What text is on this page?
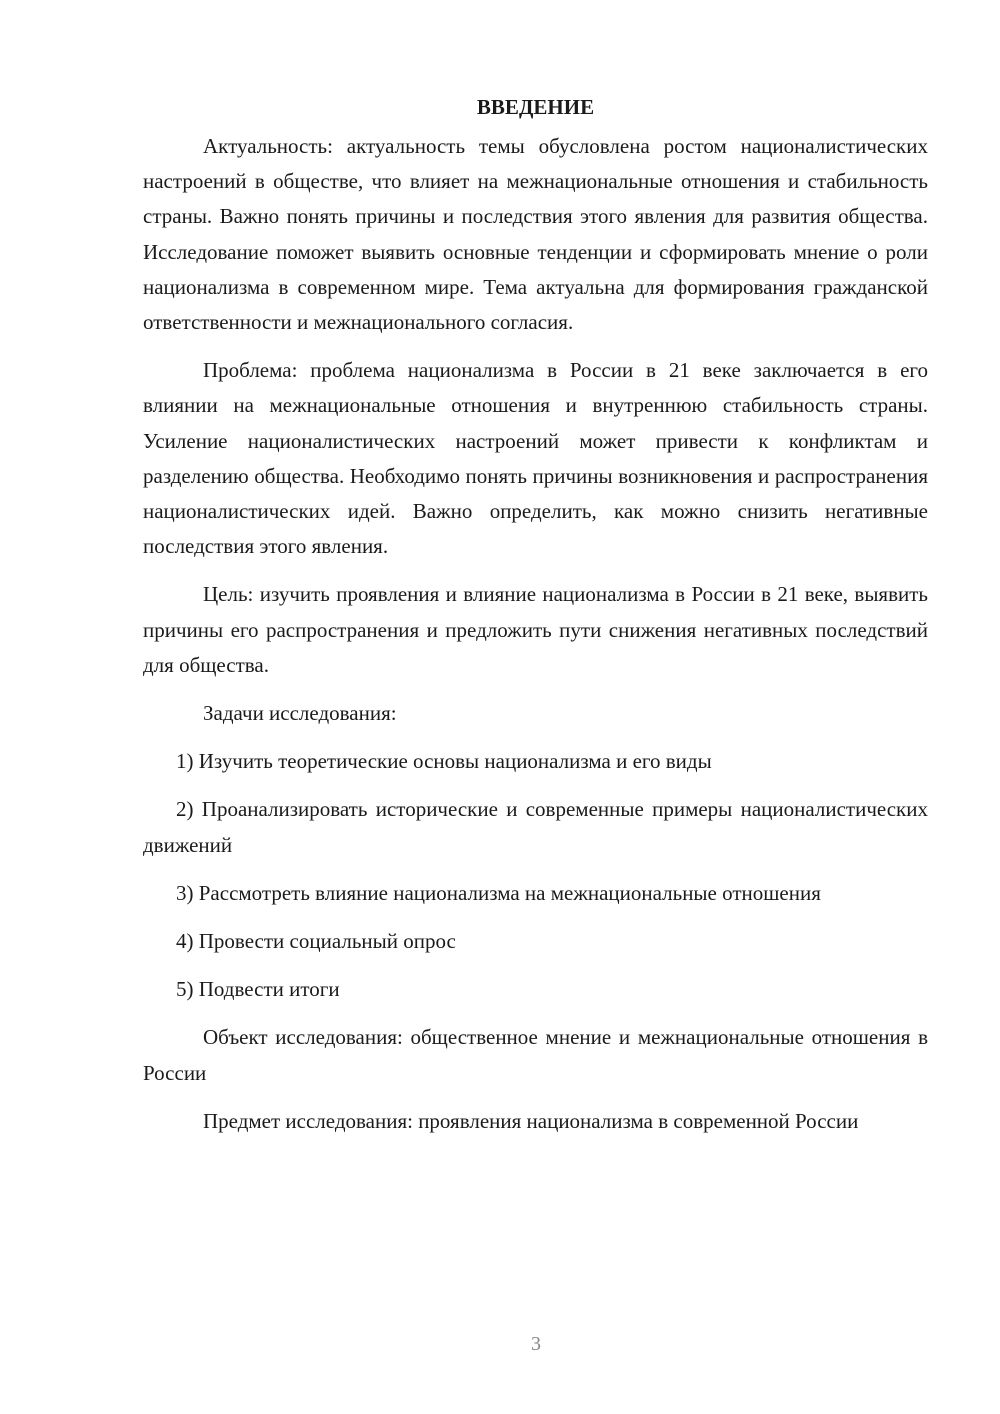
ВВЕДЕНИЕ

Актуальность: актуальность темы обусловлена ростом националистических настроений в обществе, что влияет на межнациональные отношения и стабильность страны. Важно понять причины и последствия этого явления для развития общества. Исследование поможет выявить основные тенденции и сформировать мнение о роли национализма в современном мире. Тема актуальна для формирования гражданской ответственности и межнационального согласия.

Проблема: проблема национализма в России в 21 веке заключается в его влиянии на межнациональные отношения и внутреннюю стабильность страны. Усиление националистических настроений может привести к конфликтам и разделению общества. Необходимо понять причины возникновения и распространения националистических идей. Важно определить, как можно снизить негативные последствия этого явления.

Цель: изучить проявления и влияние национализма в России в 21 веке, выявить причины его распространения и предложить пути снижения негативных последствий для общества.

Задачи исследования:

1) Изучить теоретические основы национализма и его виды

2) Проанализировать исторические и современные примеры националистических движений

3) Рассмотреть влияние национализма на межнациональные отношения

4) Провести социальный опрос

5) Подвести итоги

Объект исследования: общественное мнение и межнациональные отношения в России

Предмет исследования: проявления национализма в современной России

3
